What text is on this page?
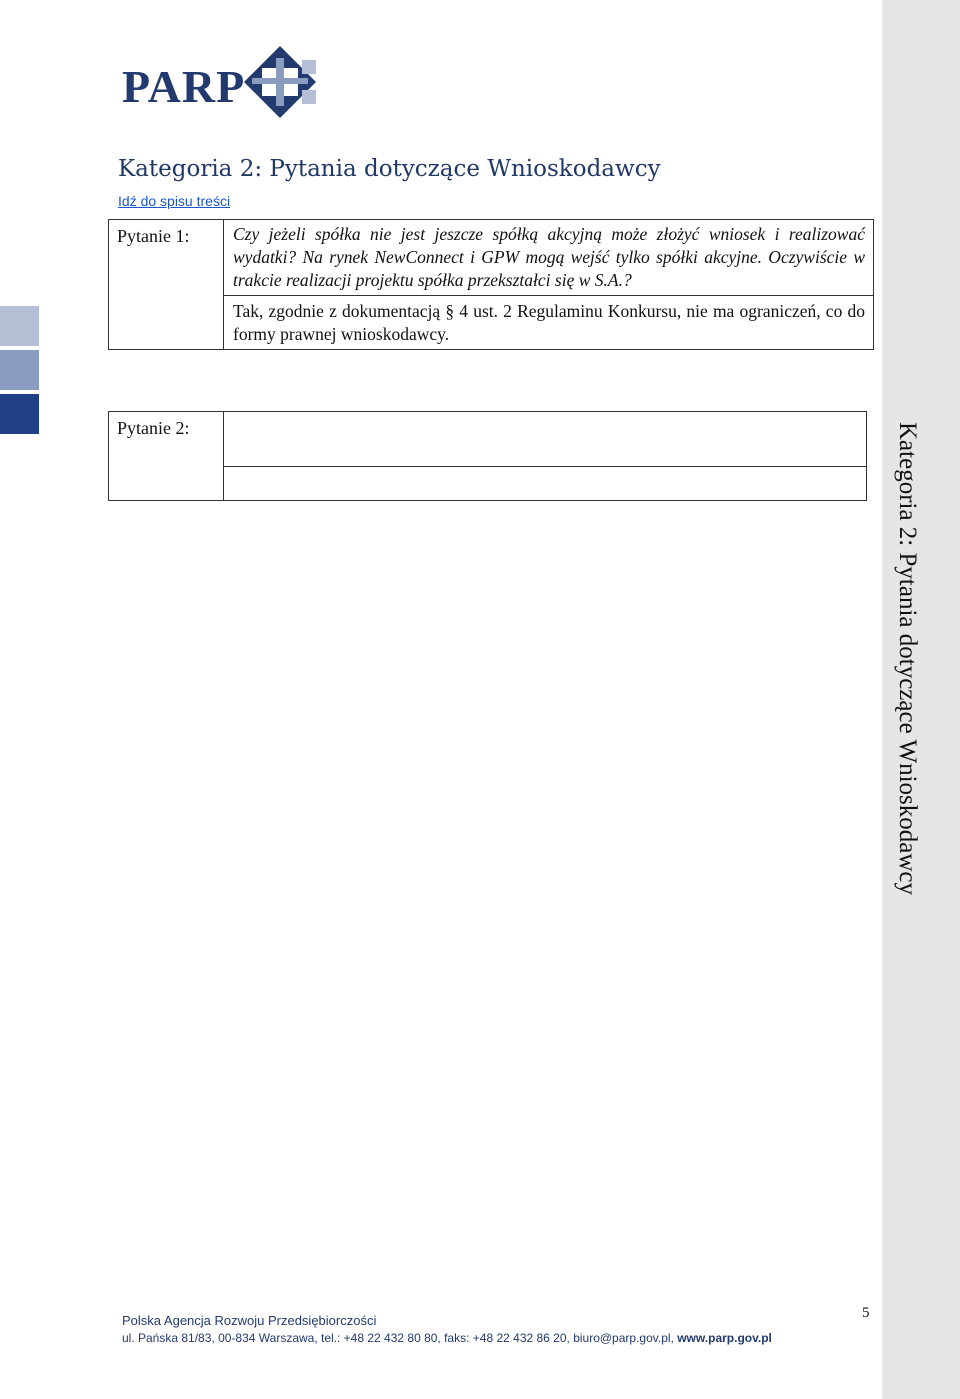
Kategoria 2: Pytania dotyczące Wnioskodawcy
PARP
Kategoria 2: Pytania dotyczące Wnioskodawcy
Idź do spisu treści
Pytanie 1:	Czy jeżeli spółka nie jest jeszcze spółką akcyjną może złożyć wniosek i realizować wydatki? Na rynek NewConnect i GPW mogą wejść tylko spółki akcyjne. Oczywiście w trakcie realizacji projektu spółka przekształci się w S.A.?
Tak, zgodnie z dokumentacją § 4 ust. 2 Regulaminu Konkursu, nie ma ograniczeń, co do formy prawnej wnioskodawcy.
Pytanie 2:	

Polska Agencja Rozwoju Przedsiębiorczości
ul. Pańska 81/83, 00-834 Warszawa, tel.: +48 22 432 80 80, faks: +48 22 432 86 20, biuro@parp.gov.pl, www.parp.gov.pl
5
